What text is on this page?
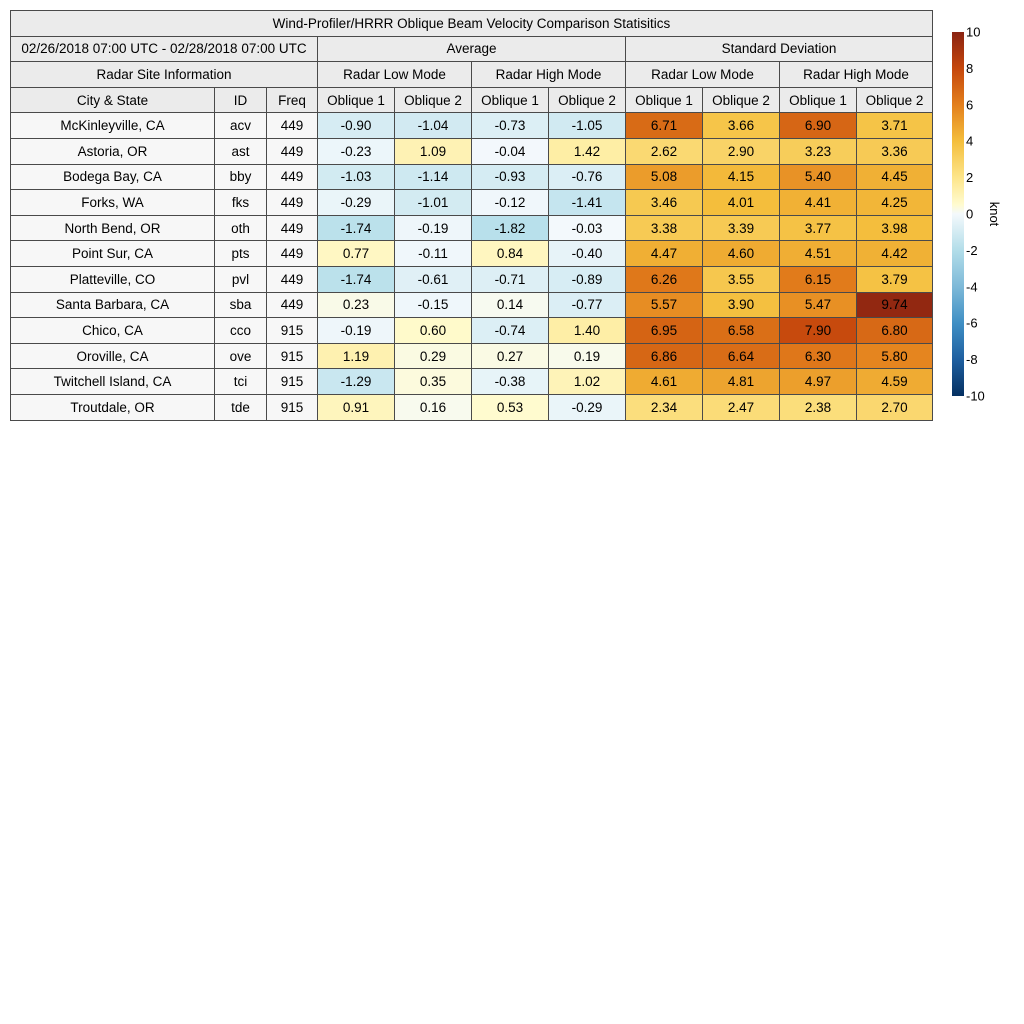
Wind-Profiler/HRRR Oblique Beam Velocity Comparison Statisitics										
02/26/2018 07:00 UTC - 02/28/2018 07:00 UTC			Average				Standard Deviation			
Radar Site Information			Radar Low Mode		Radar High Mode		Radar Low Mode		Radar High Mode	
City & State	ID	Freq	Oblique 1	Oblique 2	Oblique 1	Oblique 2	Oblique 1	Oblique 2	Oblique 1	Oblique 2
McKinleyville, CA	acv	449	-0.90	-1.04	-0.73	-1.05	6.71	3.66	6.90	3.71
Astoria, OR	ast	449	-0.23	1.09	-0.04	1.42	2.62	2.90	3.23	3.36
Bodega Bay, CA	bby	449	-1.03	-1.14	-0.93	-0.76	5.08	4.15	5.40	4.45
Forks, WA	fks	449	-0.29	-1.01	-0.12	-1.41	3.46	4.01	4.41	4.25
North Bend, OR	oth	449	-1.74	-0.19	-1.82	-0.03	3.38	3.39	3.77	3.98
Point Sur, CA	pts	449	0.77	-0.11	0.84	-0.40	4.47	4.60	4.51	4.42
Platteville, CO	pvl	449	-1.74	-0.61	-0.71	-0.89	6.26	3.55	6.15	3.79
Santa Barbara, CA	sba	449	0.23	-0.15	0.14	-0.77	5.57	3.90	5.47	9.74
Chico, CA	cco	915	-0.19	0.60	-0.74	1.40	6.95	6.58	7.90	6.80
Oroville, CA	ove	915	1.19	0.29	0.27	0.19	6.86	6.64	6.30	5.80
Twitchell Island, CA	tci	915	-1.29	0.35	-0.38	1.02	4.61	4.81	4.97	4.59
Troutdale, OR	tde	915	0.91	0.16	0.53	-0.29	2.34	2.47	2.38	2.70
10
8
6
4
2
0
-2
-4
-6
-8
-10
knot
